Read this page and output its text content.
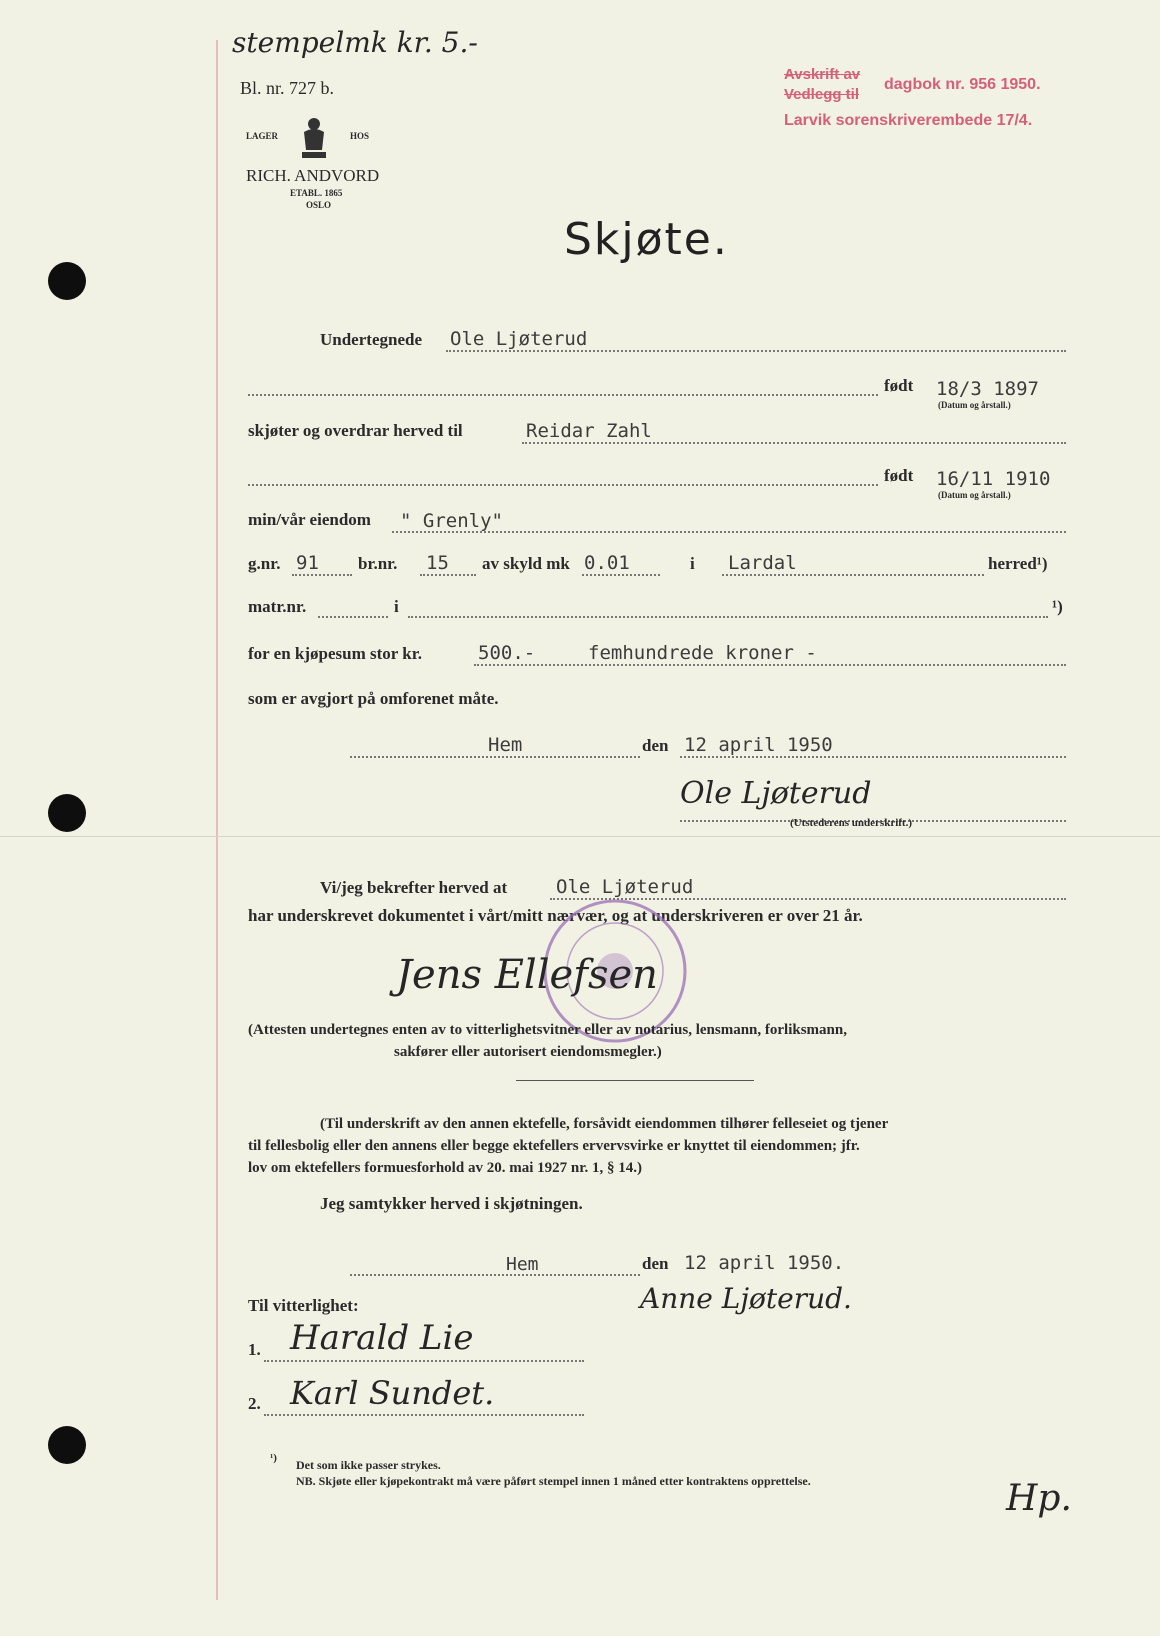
stempelmk kr. 5.-
Bl. nr. 727 b.
LAGER	HOS
RICH. ANDVORD
ETABL. 1865
OSLO
Avskrift av
Vedlegg til
dagbok nr. 956 1950.
Larvik sorenskriverembede 17/4.
Skjøte.
Undertegnede Ole Ljøterud
født 18/3 1897
(Datum og årstall.)
skjøter og overdrar herved til	Reidar Zahl
født 16/11 1910
(Datum og årstall.)
min/vår eiendom " Grenly"
g.nr. 91 br.nr. 15 av skyld mk 0.01	i Lardal	herred¹)
matr.nr.	i	¹)
for en kjøpesum stor kr.	500.-	femhundrede kroner -
som er avgjort på omforenet måte.
Hem	den 12 april 1950
Ole Ljøterud
(Utstederens underskrift.)
Vi/jeg bekrefter herved at	Ole Ljøterud
har underskrevet dokumentet i vårt/mitt nærvær, og at underskriveren er over 21 år.
Jens Ellefsen
(Attesten undertegnes enten av to vitterlighetsvitner eller av notarius, lensmann, forliksmann,
sakfører eller autorisert eiendomsmegler.)
(Til underskrift av den annen ektefelle, forsåvidt eiendommen tilhører felleseiet og tjener
til fellesbolig eller den annens eller begge ektefellers ervervsvirke er knyttet til eiendommen; jfr.
lov om ektefellers formuesforhold av 20. mai 1927 nr. 1, § 14.)
Jeg samtykker herved i skjøtningen.
Hem	den 12 april 1950.
Anne Ljøterud.
Til vitterlighet:
1. Harald Lie
2. Karl Sundet.
¹) Det som ikke passer strykes.
NB. Skjøte eller kjøpekontrakt må være påført stempel innen 1 måned etter kontraktens opprettelse.	Hp.
